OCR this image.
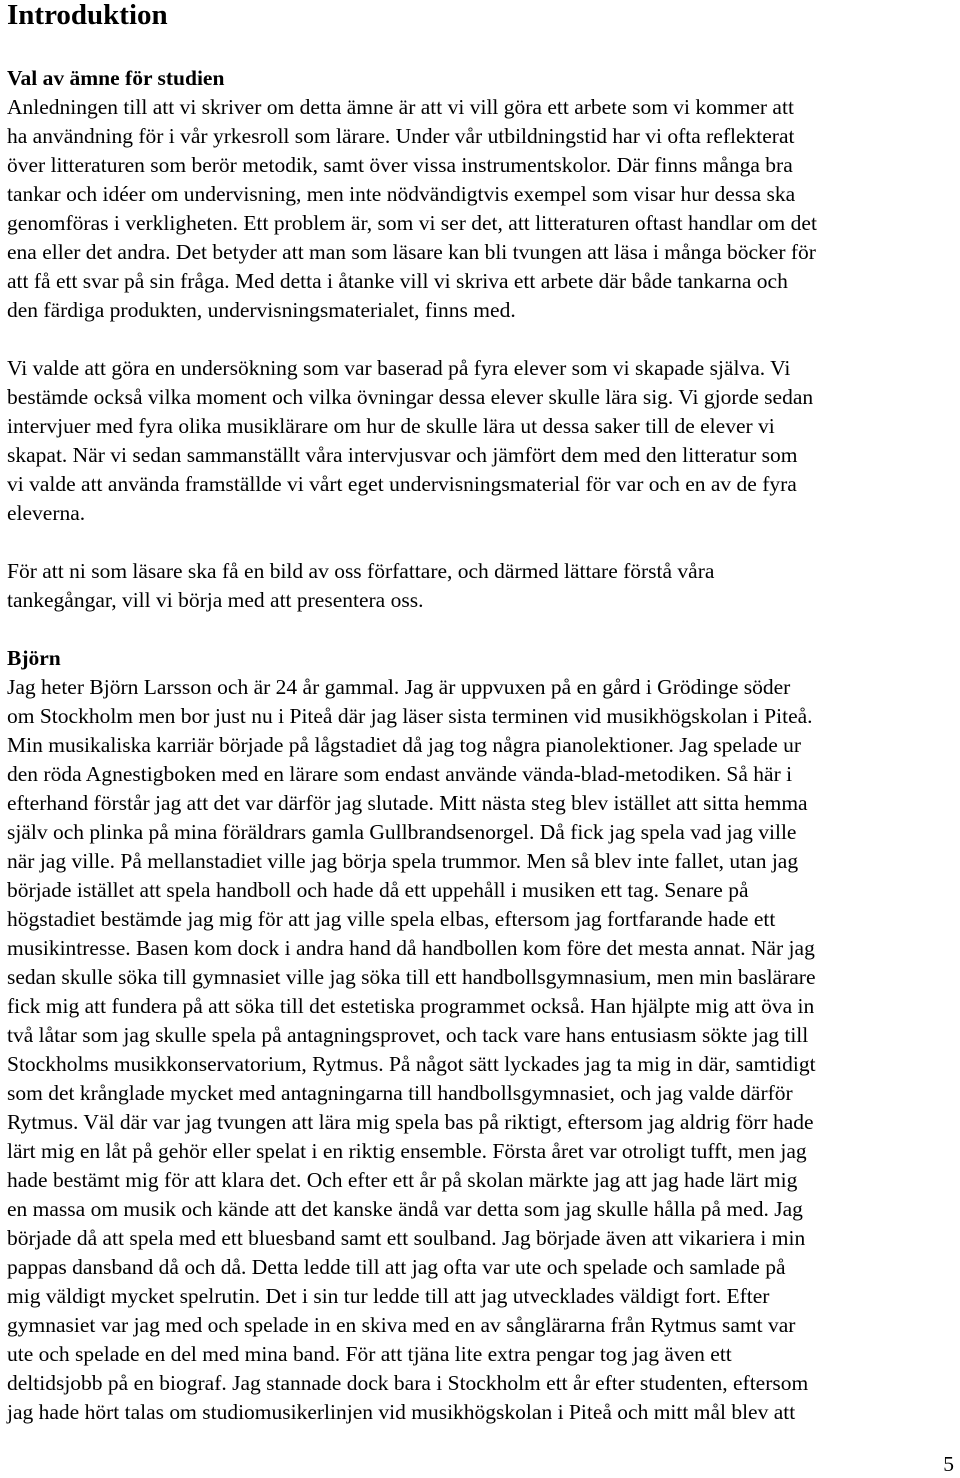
Introduktion
Val av ämne för studien

Anledningen till att vi skriver om detta ämne är att vi vill göra ett arbete som vi kommer att
ha användning för i vår yrkesroll som lärare. Under vår utbildningstid har vi ofta reflekterat
över litteraturen som berör metodik, samt över vissa instrumentskolor. Där finns många bra
tankar och idéer om undervisning, men inte nödvändigtvis exempel som visar hur dessa ska
genomföras i verkligheten. Ett problem är, som vi ser det, att litteraturen oftast handlar om det
ena eller det andra. Det betyder att man som läsare kan bli tvungen att läsa i många böcker för
att få ett svar på sin fråga. Med detta i åtanke vill vi skriva ett arbete där både tankarna och
den färdiga produkten, undervisningsmaterialet, finns med.

Vi valde att göra en undersökning som var baserad på fyra elever som vi skapade själva. Vi
bestämde också vilka moment och vilka övningar dessa elever skulle lära sig. Vi gjorde sedan
intervjuer med fyra olika musiklärare om hur de skulle lära ut dessa saker till de elever vi
skapat. När vi sedan sammanställt våra intervjusvar och jämfört dem med den litteratur som
vi valde att använda framställde vi vårt eget undervisningsmaterial för var och en av de fyra
eleverna.

För att ni som läsare ska få en bild av oss författare, och därmed lättare förstå våra
tankegångar, vill vi börja med att presentera oss.

Björn

Jag heter Björn Larsson och är 24 år gammal. Jag är uppvuxen på en gård i Grödinge söder
om Stockholm men bor just nu i Piteå där jag läser sista terminen vid musikhögskolan i Piteå.
Min musikaliska karriär började på lågstadiet då jag tog några pianolektioner. Jag spelade ur
den röda Agnestigboken med en lärare som endast använde vända-blad-metodiken. Så här i
efterhand förstår jag att det var därför jag slutade. Mitt nästa steg blev istället att sitta hemma
själv och plinka på mina föräldrars gamla Gullbrandsenorgel. Då fick jag spela vad jag ville
när jag ville. På mellanstadiet ville jag börja spela trummor. Men så blev inte fallet, utan jag
började istället att spela handboll och hade då ett uppehåll i musiken ett tag. Senare på
högstadiet bestämde jag mig för att jag ville spela elbas, eftersom jag fortfarande hade ett
musikintresse. Basen kom dock i andra hand då handbollen kom före det mesta annat. När jag
sedan skulle söka till gymnasiet ville jag söka till ett handbollsgymnasium, men min baslärare
fick mig att fundera på att söka till det estetiska programmet också. Han hjälpte mig att öva in
två låtar som jag skulle spela på antagningsprovet, och tack vare hans entusiasm sökte jag till
Stockholms musikkonservatorium, Rytmus. På något sätt lyckades jag ta mig in där, samtidigt
som det krånglade mycket med antagningarna till handbollsgymnasiet, och jag valde därför
Rytmus. Väl där var jag tvungen att lära mig spela bas på riktigt, eftersom jag aldrig förr hade
lärt mig en låt på gehör eller spelat i en riktig ensemble. Första året var otroligt tufft, men jag
hade bestämt mig för att klara det. Och efter ett år på skolan märkte jag att jag hade lärt mig
en massa om musik och kände att det kanske ändå var detta som jag skulle hålla på med. Jag
började då att spela med ett bluesband samt ett soulband. Jag började även att vikariera i min
pappas dansband då och då. Detta ledde till att jag ofta var ute och spelade och samlade på
mig väldigt mycket spelrutin. Det i sin tur ledde till att jag utvecklades väldigt fort. Efter
gymnasiet var jag med och spelade in en skiva med en av sånglärarna från Rytmus samt var
ute och spelade en del med mina band. För att tjäna lite extra pengar tog jag även ett
deltidsjobb på en biograf. Jag stannade dock bara i Stockholm ett år efter studenten, eftersom
jag hade hört talas om studiomusikerlinjen vid musikhögskolan i Piteå och mitt mål blev att

5
